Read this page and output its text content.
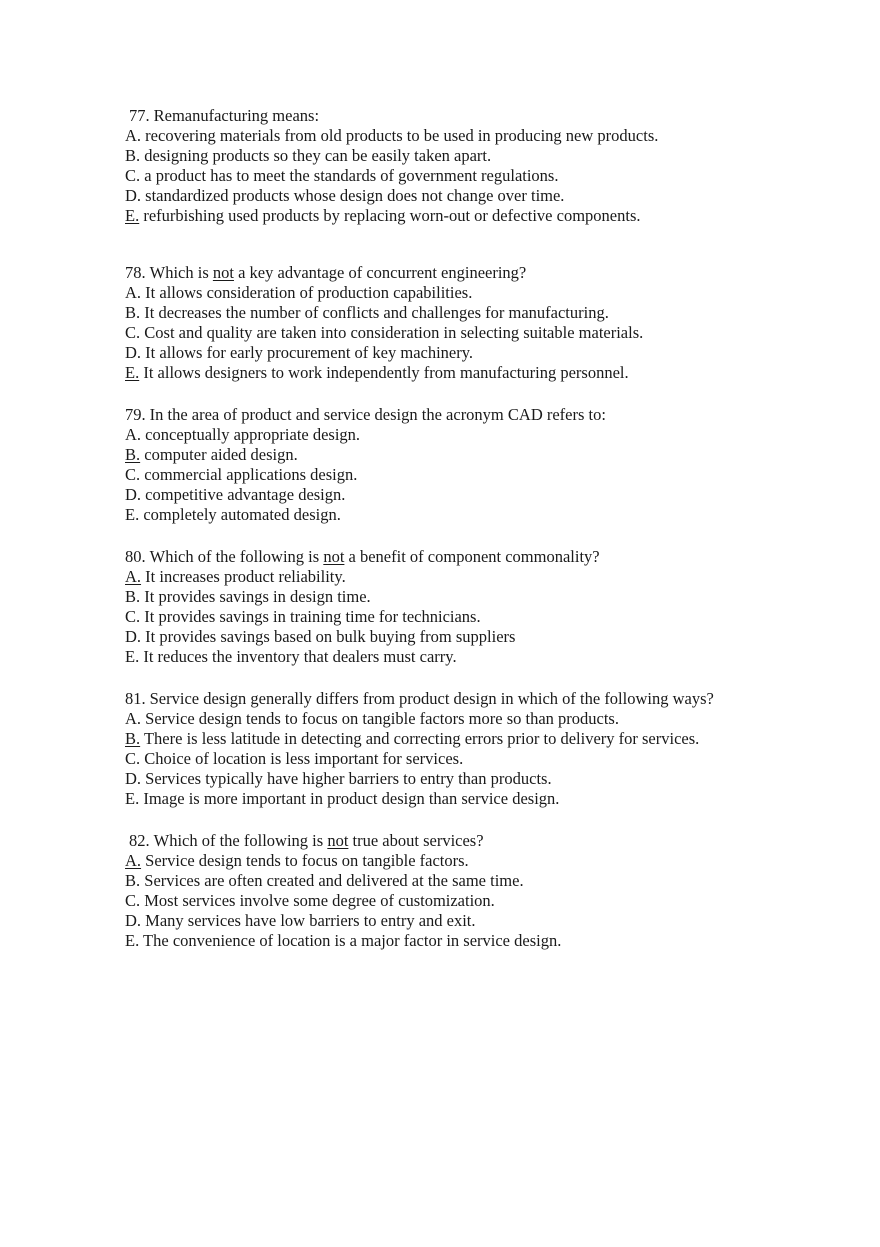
77. Remanufacturing means:
A. recovering materials from old products to be used in producing new products.
B. designing products so they can be easily taken apart.
C. a product has to meet the standards of government regulations.
D. standardized products whose design does not change over time.
E. refurbishing used products by replacing worn-out or defective components.
78. Which is not a key advantage of concurrent engineering?
A. It allows consideration of production capabilities.
B. It decreases the number of conflicts and challenges for manufacturing.
C. Cost and quality are taken into consideration in selecting suitable materials.
D. It allows for early procurement of key machinery.
E. It allows designers to work independently from manufacturing personnel.
79. In the area of product and service design the acronym CAD refers to:
A. conceptually appropriate design.
B. computer aided design.
C. commercial applications design.
D. competitive advantage design.
E. completely automated design.
80. Which of the following is not a benefit of component commonality?
A. It increases product reliability.
B. It provides savings in design time.
C. It provides savings in training time for technicians.
D. It provides savings based on bulk buying from suppliers
E. It reduces the inventory that dealers must carry.
81. Service design generally differs from product design in which of the following ways?
A. Service design tends to focus on tangible factors more so than products.
B. There is less latitude in detecting and correcting errors prior to delivery for services.
C. Choice of location is less important for services.
D. Services typically have higher barriers to entry than products.
E. Image is more important in product design than service design.
82. Which of the following is not true about services?
A. Service design tends to focus on tangible factors.
B. Services are often created and delivered at the same time.
C. Most services involve some degree of customization.
D. Many services have low barriers to entry and exit.
E. The convenience of location is a major factor in service design.
